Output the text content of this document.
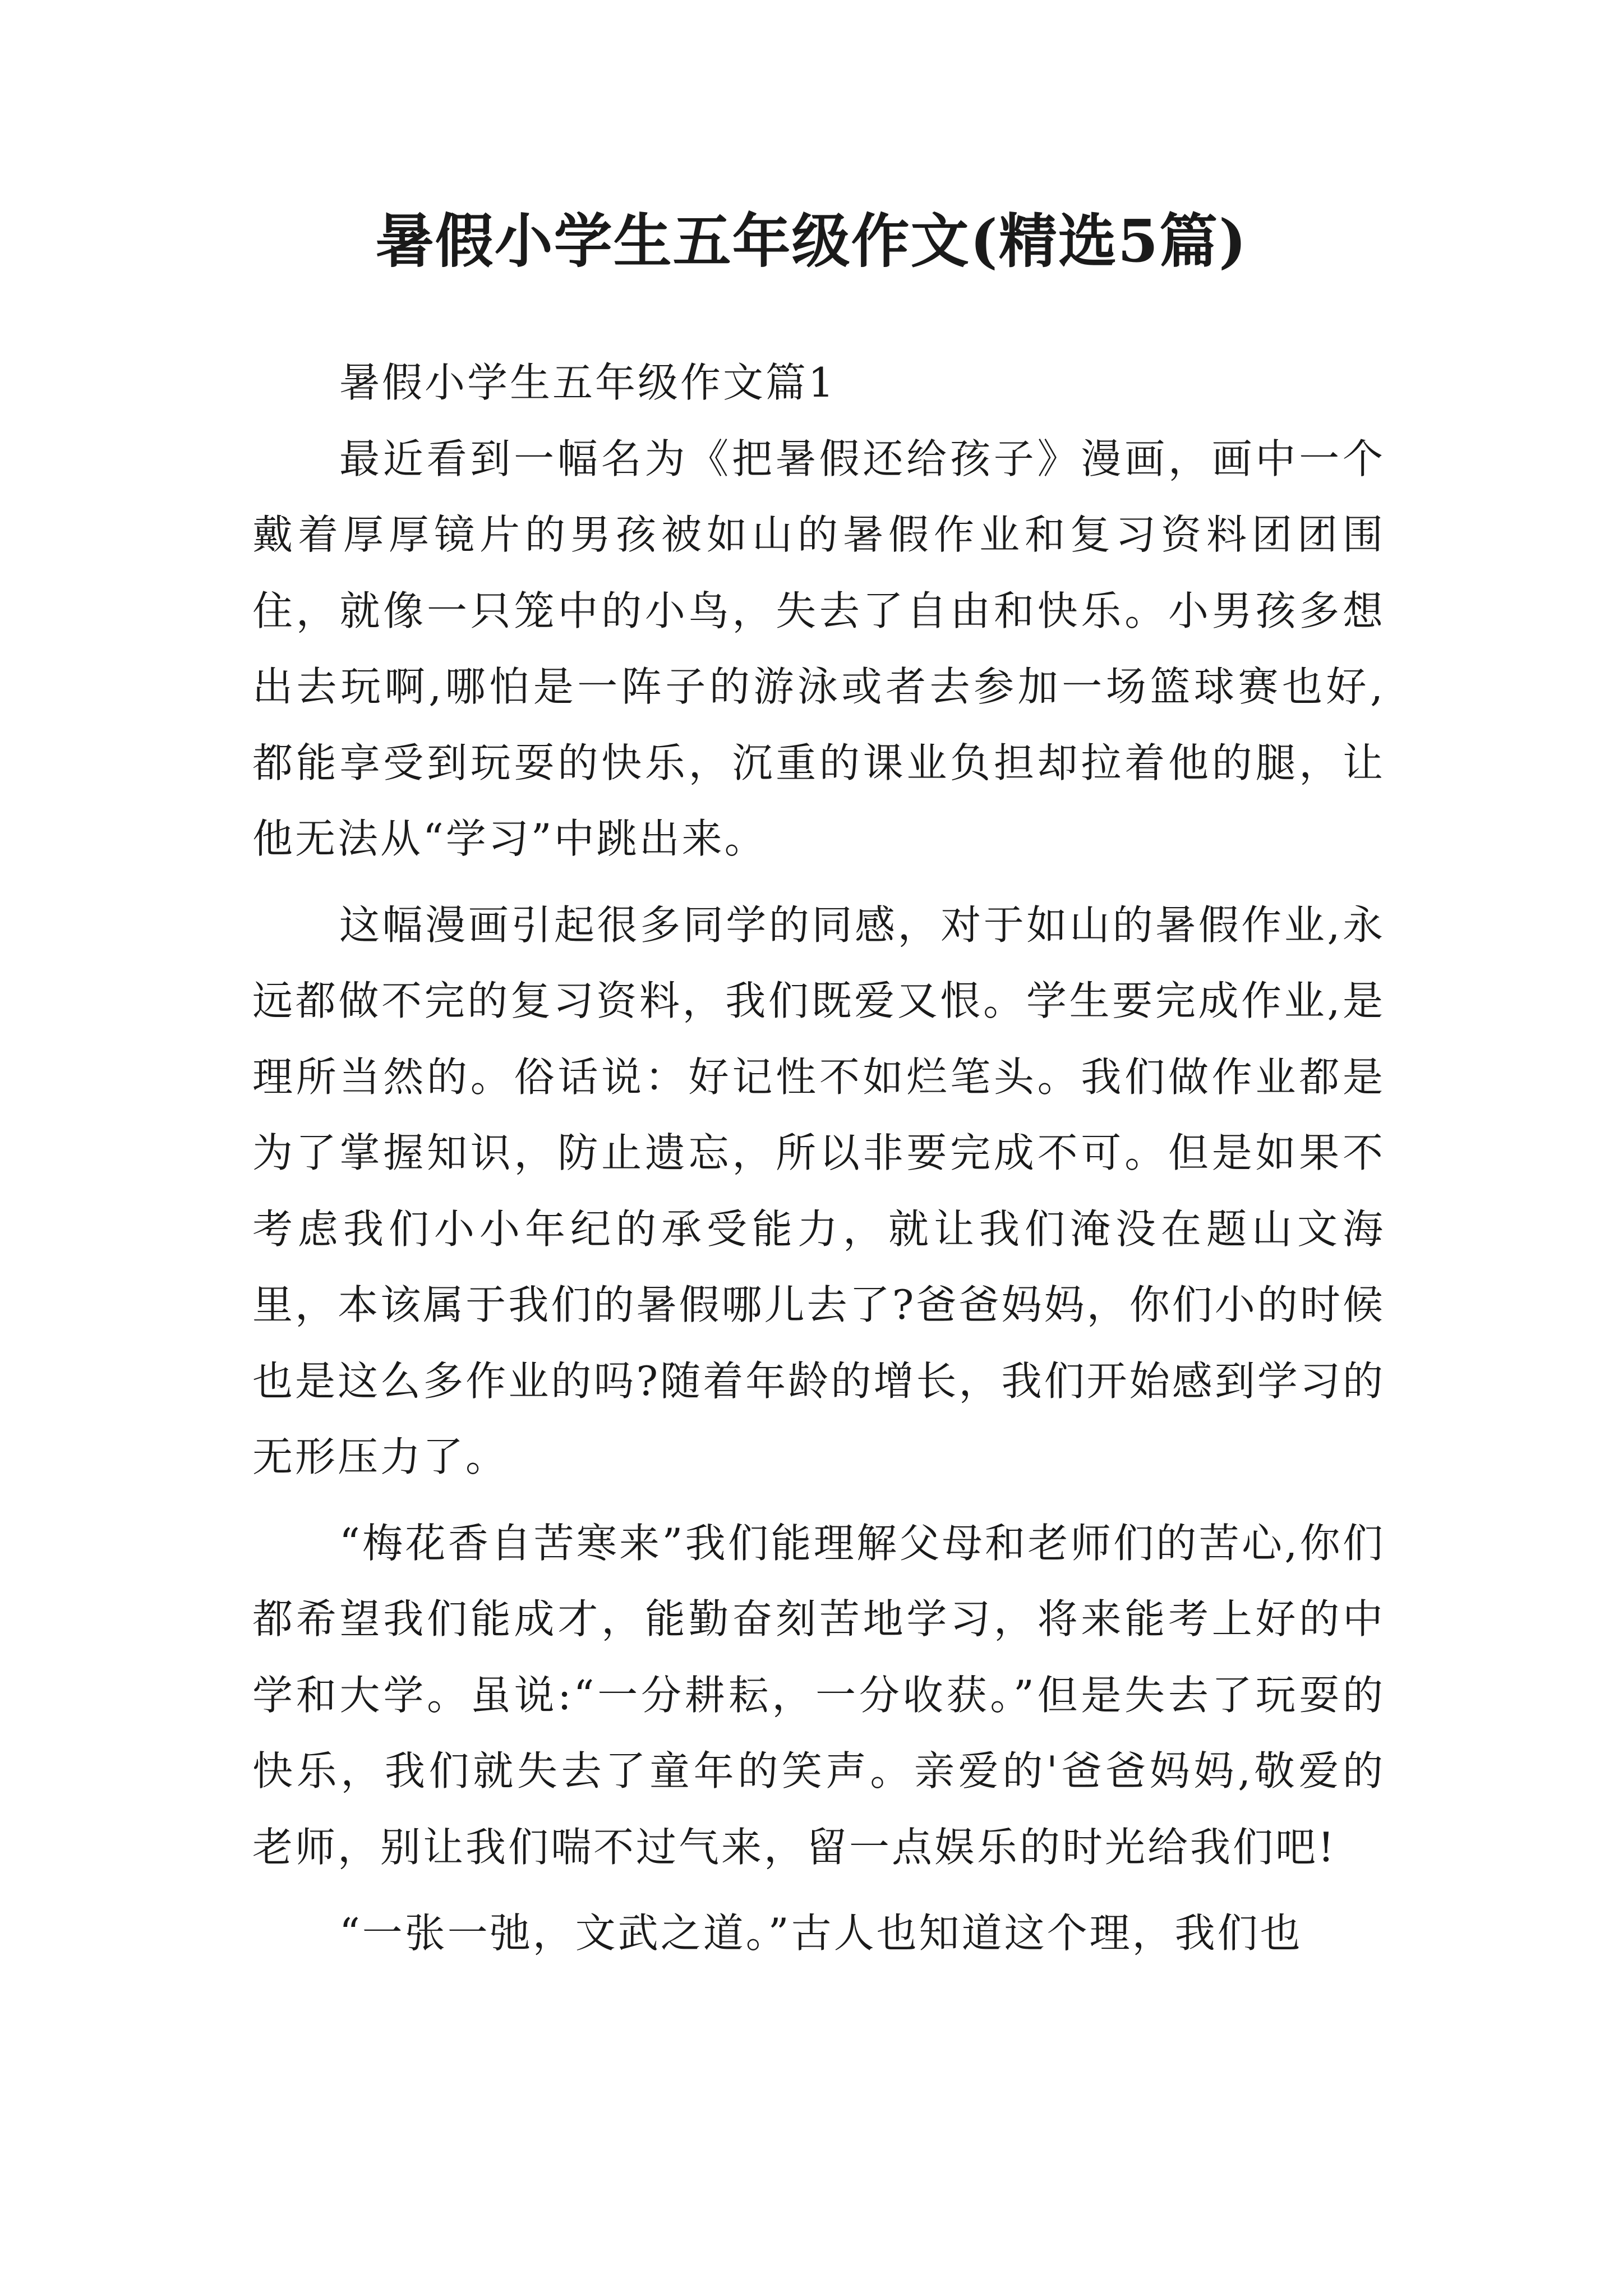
暑假小学生五年级作文(精选5篇)

暑假小学生五年级作文篇1

最近看到一幅名为《把暑假还给孩子》漫画，画中一个戴着厚厚镜片的男孩被如山的暑假作业和复习资料团团围住，就像一只笼中的小鸟，失去了自由和快乐。小男孩多想出去玩啊,哪怕是一阵子的游泳或者去参加一场篮球赛也好,都能享受到玩耍的快乐，沉重的课业负担却拉着他的腿，让他无法从“学习”中跳出来。

这幅漫画引起很多同学的同感，对于如山的暑假作业,永远都做不完的复习资料，我们既爱又恨。学生要完成作业,是理所当然的。俗话说：好记性不如烂笔头。我们做作业都是为了掌握知识，防止遗忘，所以非要完成不可。但是如果不考虑我们小小年纪的承受能力，就让我们淹没在题山文海里，本该属于我们的暑假哪儿去了?爸爸妈妈，你们小的时候也是这么多作业的吗?随着年龄的增长，我们开始感到学习的无形压力了。

“梅花香自苦寒来”我们能理解父母和老师们的苦心,你们都希望我们能成才，能勤奋刻苦地学习，将来能考上好的中学和大学。虽说:“一分耕耘，一分收获。”但是失去了玩耍的快乐，我们就失去了童年的笑声。亲爱的'爸爸妈妈,敬爱的老师，别让我们喘不过气来，留一点娱乐的时光给我们吧!

“一张一弛，文武之道。”古人也知道这个理，我们也
